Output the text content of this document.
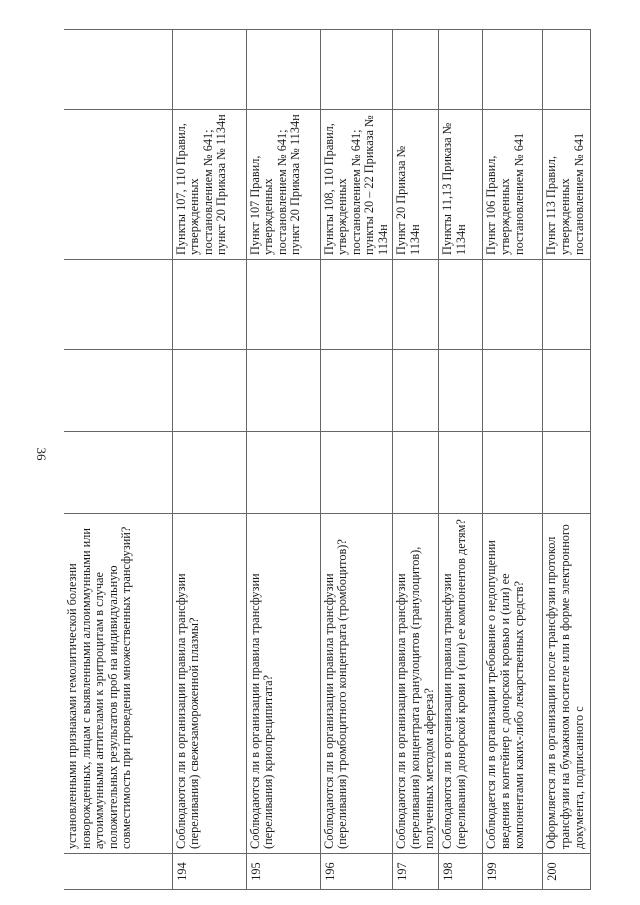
36
	установленными признаками гемолитической болезни новорожденных, лицам с выявленными аллоиммунными или аутоиммунными антителами к эритроцитам в случае положительных результатов проб на индивидуальную совместимость при проведении множественных трансфузий?					
194	Соблюдаются ли в организации правила трансфузии (переливания) свежезамороженной плазмы?				Пункты 107, 110 Правил, утвержденных постановлением № 641; пункт 20 Приказа № 1134н	
195	Соблюдаются ли в организации правила трансфузии (переливания) криопреципитата?				Пункт 107 Правил, утвержденных постановлением № 641; пункт 20 Приказа № 1134н	
196	Соблюдаются ли в организации правила трансфузии (переливания) тромбоцитного концентрата (тромбоцитов)?				Пункты 108, 110 Правил, утвержденных постановлением № 641; пункты 20 – 22 Приказа № 1134н	
197	Соблюдаются ли в организации правила трансфузии (переливания) концентрата гранулоцитов (гранулоцитов), полученных методом афереза?				Пункт 20 Приказа № 1134н	
198	Соблюдаются ли в организации правила трансфузии (переливания) донорской крови и (или) ее компонентов детям?				Пункты 11,13 Приказа № 1134н	
199	Соблюдается ли в организации требование о недопущении введения в контейнер с донорской кровью и (или) ее компонентами каких-либо лекарственных средств?				Пункт 106 Правил, утвержденных постановлением № 641	
200	Оформляется ли в организации после трансфузии протокол трансфузии на бумажном носителе или в форме электронного документа, подписанного с				Пункт 113 Правил, утвержденных постановлением № 641	
